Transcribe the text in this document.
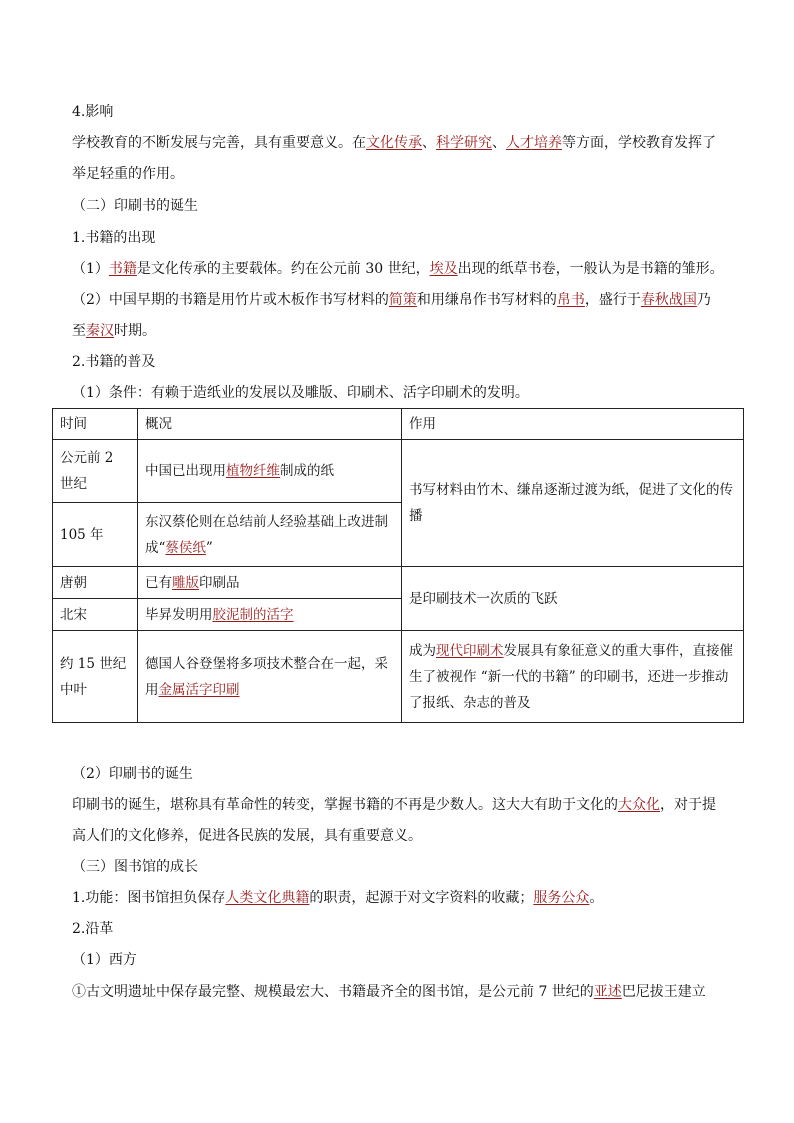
4.影响
学校教育的不断发展与完善，具有重要意义。在文化传承、科学研究、人才培养等方面，学校教育发挥了
举足轻重的作用。
（二）印刷书的诞生
1.书籍的出现
（1）书籍是文化传承的主要载体。约在公元前 30 世纪，埃及出现的纸草书卷，一般认为是书籍的雏形。
（2）中国早期的书籍是用竹片或木板作书写材料的简策和用缣帛作书写材料的帛书，盛行于春秋战国乃
至秦汉时期。
2.书籍的普及
（1）条件：有赖于造纸业的发展以及雕版、印刷术、活字印刷术的发明。
时间	概况	作用
公元前 2 世纪	中国已出现用植物纤维制成的纸	书写材料由竹木、缣帛逐渐过渡为纸，促进了文化的传播
105 年	东汉蔡伦则在总结前人经验基础上改进制成“蔡侯纸”	
唐朝	已有雕版印刷品	是印刷技术一次质的飞跃
北宋	毕昇发明用胶泥制的活字	
约 15 世纪中叶	德国人谷登堡将多项技术整合在一起，采用金属活字印刷	成为现代印刷术发展具有象征意义的重大事件，直接催生了被视作 “新一代的书籍” 的印刷书，还进一步推动了报纸、杂志的普及
（2）印刷书的诞生
印刷书的诞生，堪称具有革命性的转变，掌握书籍的不再是少数人。这大大有助于文化的大众化，对于提
高人们的文化修养，促进各民族的发展，具有重要意义。
（三）图书馆的成长
1.功能：图书馆担负保存人类文化典籍的职责，起源于对文字资料的收藏；服务公众。
2.沿革
（1）西方
①古文明遗址中保存最完整、规模最宏大、书籍最齐全的图书馆，是公元前 7 世纪的亚述巴尼拔王建立
